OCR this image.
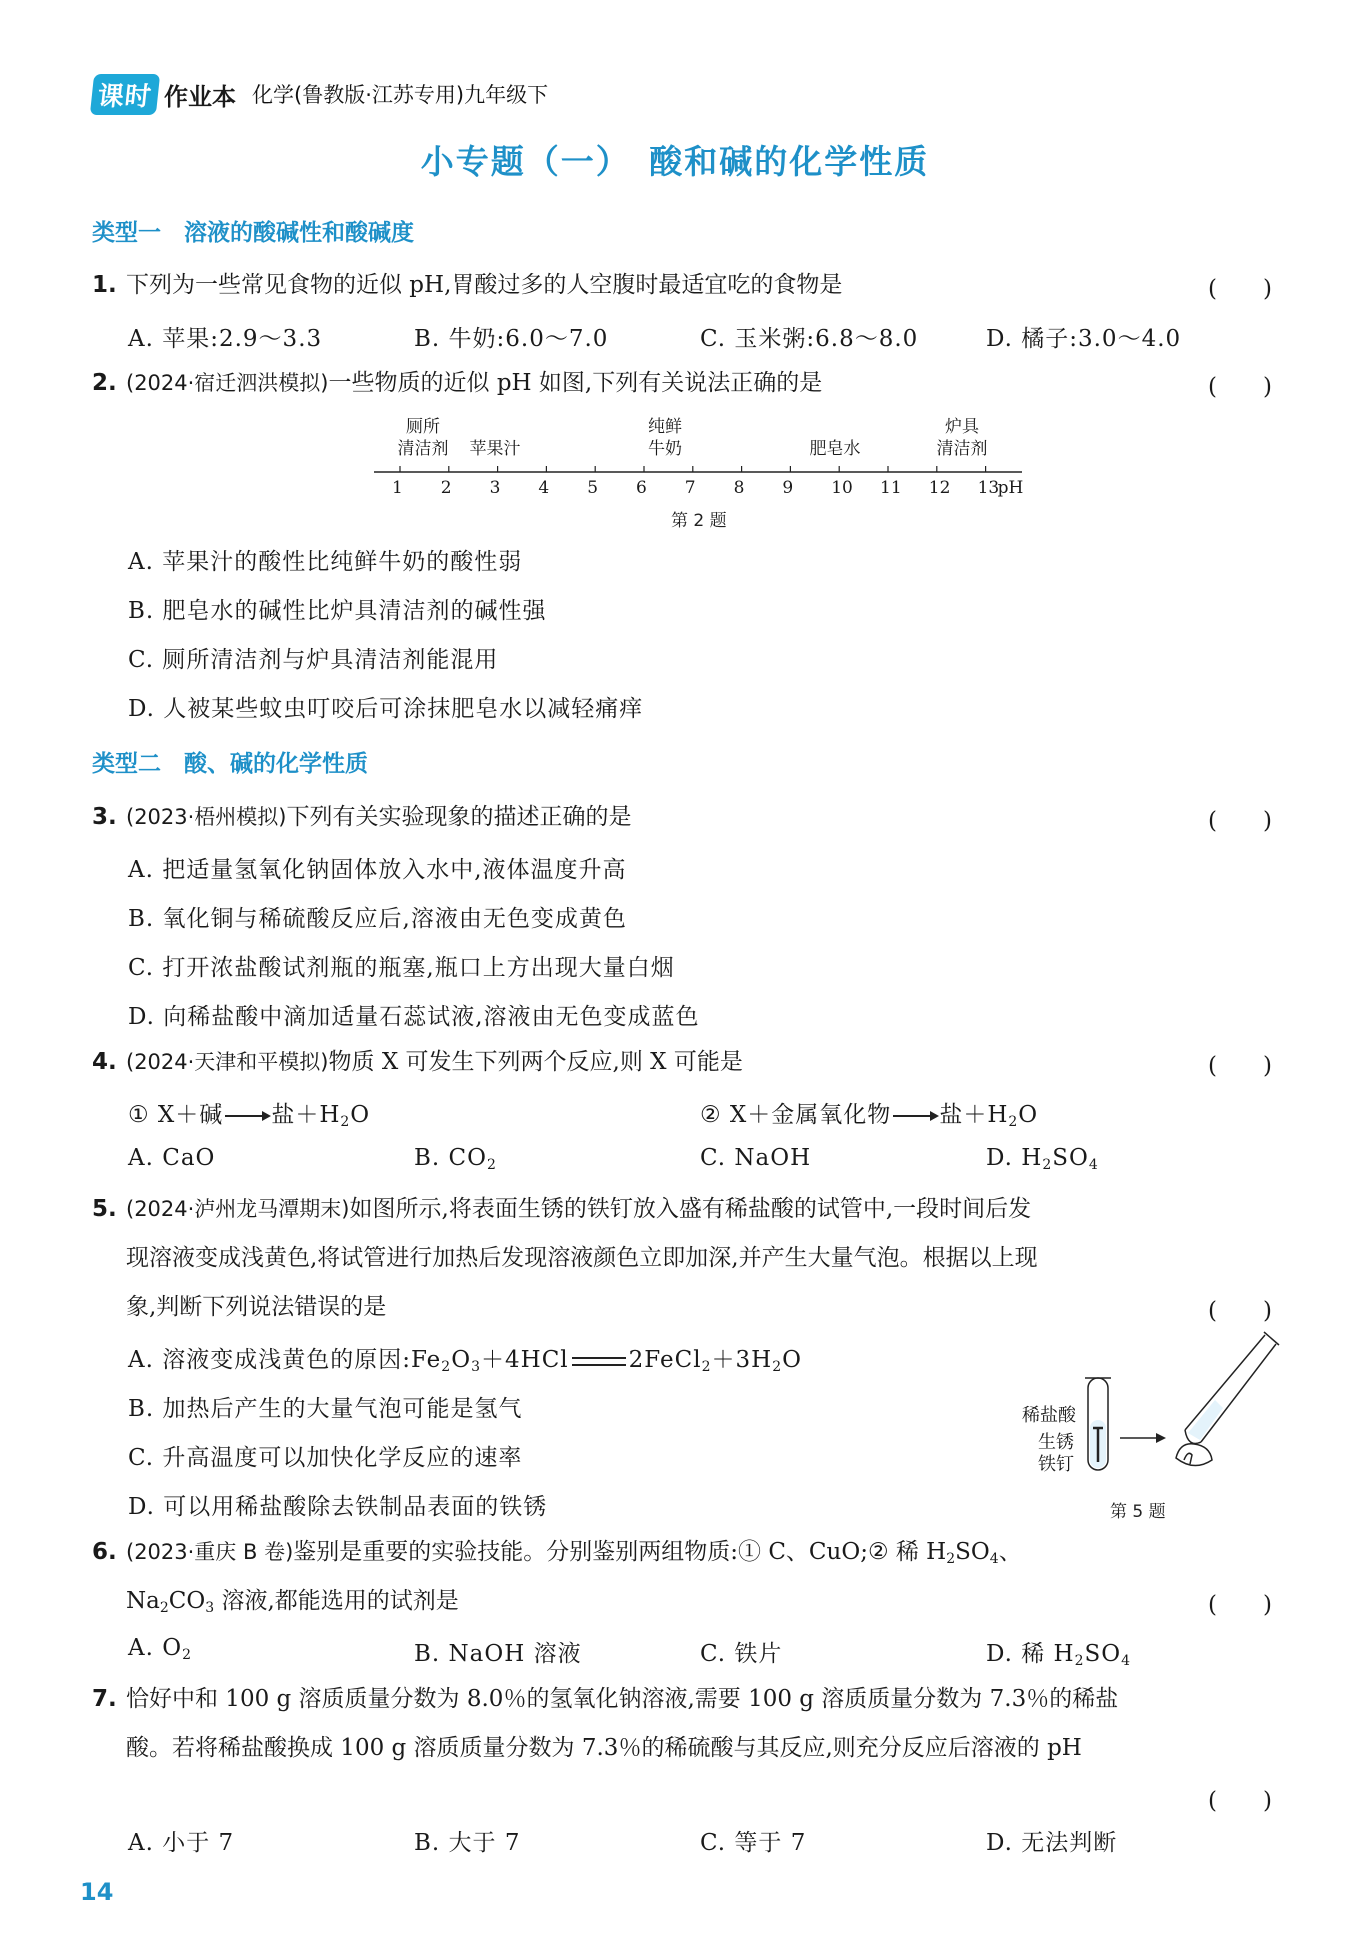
课时 作业本 化学(鲁教版·江苏专用)九年级下
小专题（一）　酸和碱的化学性质
类型一　溶液的酸碱性和酸碱度
1. 下列为一些常见食物的近似 pH,胃酸过多的人空腹时最适宜吃的食物是	(　　)
A. 苹果:2.9～3.3	B. 牛奶:6.0～7.0	C. 玉米粥:6.8～8.0	D. 橘子:3.0～4.0
2. (2024·宿迁泗洪模拟)一些物质的近似 pH 如图,下列有关说法正确的是	(　　)
厕所
清洁剂	苹果汁
纯鲜
牛奶	肥皂水
炉具
清洁剂
1 2 3 4 5 6 7 8 9 10 11 12 13
pH
第 2 题
A. 苹果汁的酸性比纯鲜牛奶的酸性弱
B. 肥皂水的碱性比炉具清洁剂的碱性强
C. 厕所清洁剂与炉具清洁剂能混用
D. 人被某些蚊虫叮咬后可涂抹肥皂水以减轻痛痒
类型二　酸、碱的化学性质
3. (2023·梧州模拟)下列有关实验现象的描述正确的是	(　　)
A. 把适量氢氧化钠固体放入水中,液体温度升高
B. 氧化铜与稀硫酸反应后,溶液由无色变成黄色
C. 打开浓盐酸试剂瓶的瓶塞,瓶口上方出现大量白烟
D. 向稀盐酸中滴加适量石蕊试液,溶液由无色变成蓝色
4. (2024·天津和平模拟)物质 X 可发生下列两个反应,则 X 可能是	(　　)
① X＋碱 盐$+H_2O$	② X＋金属氧化物 盐$+H_2O$
A. CaO	B. $CO_2$	C. NaOH	D. $H_2SO_4$
5. (2024·泸州龙马潭期末)如图所示,将表面生锈的铁钉放入盛有稀盐酸的试管中,一段时间后发
现溶液变成浅黄色,将试管进行加热后发现溶液颜色立即加深,并产生大量气泡。根据以上现
象,判断下列说法错误的是	(　　)
A. 溶液变成浅黄色的原因$:Fe_2O_3+4HCl$	$2FeCl_2+3H_2O$
B. 加热后产生的大量气泡可能是氢气
C. 升高温度可以加快化学反应的速率
D. 可以用稀盐酸除去铁制品表面的铁锈
稀盐酸
生锈
铁钉
第 5 题
6. (2023·重庆 B 卷)鉴别是重要的实验技能。分别鉴别两组物质:① C、CuO;② 稀 $H_2SO_4$、
$Na_2CO_3$ 溶液,都能选用的试剂是	(　　)
A. $O_2$	B. NaOH 溶液	C. 铁片	D. 稀 $H_2SO_4$
7. 恰好中和 100 g 溶质质量分数为 8.0％的氢氧化钠溶液,需要 100 g 溶质质量分数为 7.3％的稀盐
酸。若将稀盐酸换成 100 g 溶质质量分数为 7.3％的稀硫酸与其反应,则充分反应后溶液的 pH
(　　)
A. 小于 7	B. 大于 7	C. 等于 7	D. 无法判断
14
